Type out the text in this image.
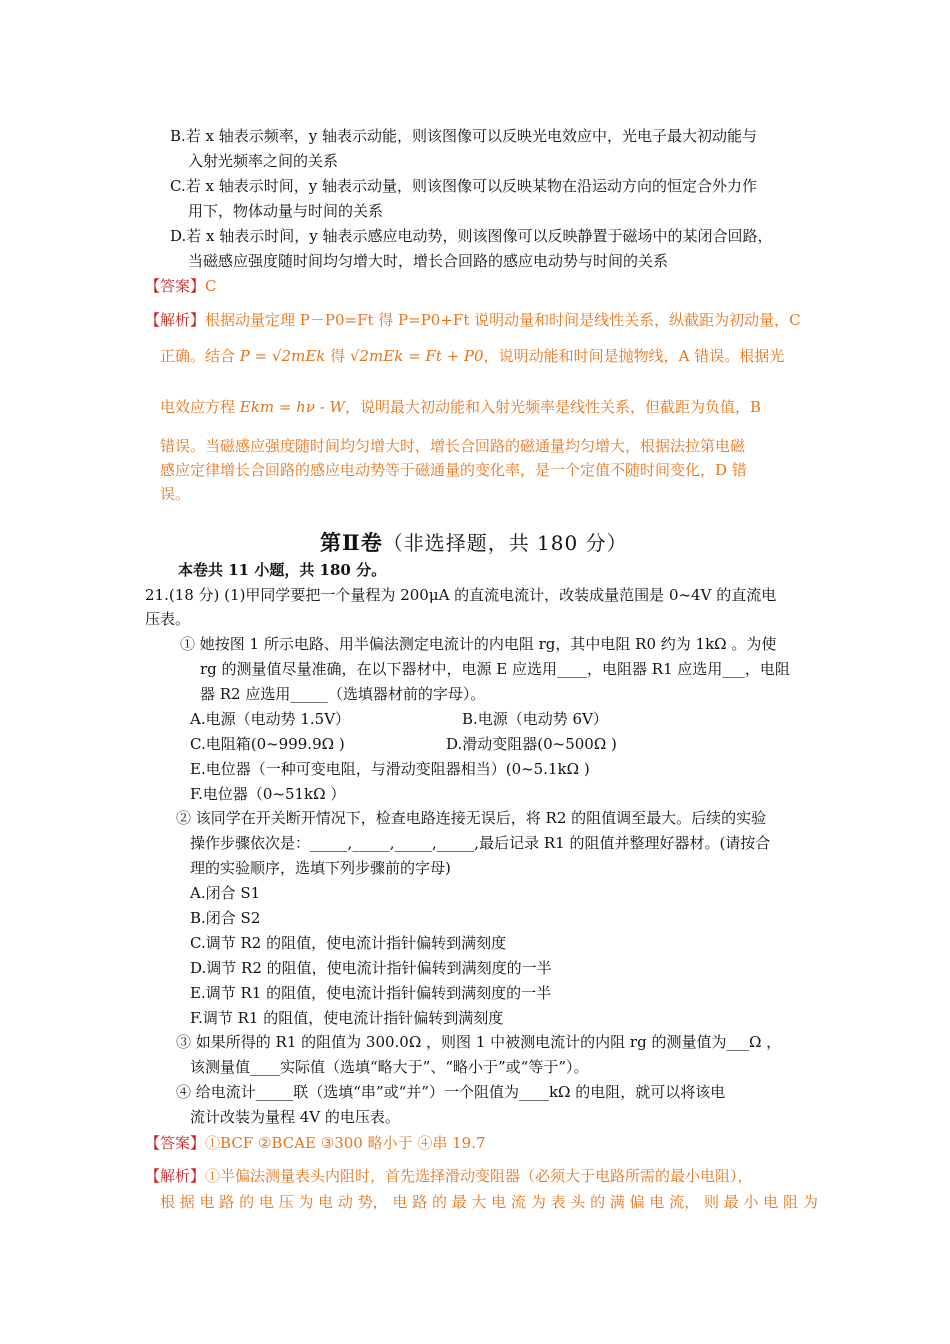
B.若 x 轴表示频率，y 轴表示动能，则该图像可以反映光电效应中，光电子最大初动能与
入射光频率之间的关系
C.若 x 轴表示时间，y 轴表示动量，则该图像可以反映某物在沿运动方向的恒定合外力作
用下，物体动量与时间的关系
D.若 x 轴表示时间，y 轴表示感应电动势，则该图像可以反映静置于磁场中的某闭合回路，
当磁感应强度随时间均匀增大时，增长合回路的感应电动势与时间的关系
【答案】C
【解析】根据动量定理 P－P0=Ft 得 P=P0+Ft 说明动量和时间是线性关系，纵截距为初动量，C
正确。结合 P = √2mEk 得 √2mEk = Ft + P0，说明动能和时间是抛物线，A 错误。根据光
电效应方程 Ekm = hν - W，说明最大初动能和入射光频率是线性关系，但截距为负值，B
错误。当磁感应强度随时间均匀增大时，增长合回路的磁通量均匀增大，根据法拉第电磁
感应定律增长合回路的感应电动势等于磁通量的变化率，是一个定值不随时间变化，D 错
误。
第Ⅱ卷（非选择题，共 180 分）
本卷共 11 小题，共 180 分。
21.(18 分) (1)甲同学要把一个量程为 200μA 的直流电流计，改装成量范围是 0~4V 的直流电
压表。
① 她按图 1 所示电路、用半偏法测定电流计的内电阻 rg，其中电阻 R0 约为 1kΩ 。为使
rg 的测量值尽量准确，在以下器材中，电源 E 应选用____，电阻器 R1 应选用___，电阻
器 R2 应选用_____（选填器材前的字母）。
A.电源（电动势 1.5V）	B.电源（电动势 6V）
C.电阻箱(0~999.9Ω )	D.滑动变阻器(0~500Ω )
E.电位器（一种可变电阻，与滑动变阻器相当）(0~5.1kΩ )
F.电位器（0~51kΩ ）
② 该同学在开关断开情况下，检查电路连接无误后，将 R2 的阻值调至最大。后续的实验
操作步骤依次是：_____,_____,_____,_____,最后记录 R1 的阻值并整理好器材。(请按合
理的实验顺序，选填下列步骤前的字母)
A.闭合 S1
B.闭合 S2
C.调节 R2 的阻值，使电流计指针偏转到满刻度
D.调节 R2 的阻值，使电流计指针偏转到满刻度的一半
E.调节 R1 的阻值，使电流计指针偏转到满刻度的一半
F.调节 R1 的阻值，使电流计指针偏转到满刻度
③ 如果所得的 R1 的阻值为 300.0Ω ，则图 1 中被测电流计的内阻 rg 的测量值为___Ω ，
该测量值____实际值（选填“略大于”、“略小于”或“等于”）。
④ 给电流计_____联（选填“串”或“并”）一个阻值为____kΩ 的电阻，就可以将该电
流计改装为量程 4V 的电压表。
【答案】①BCF ②BCAE ③300 略小于 ④串 19.7
【解析】①半偏法测量表头内阻时，首先选择滑动变阻器（必须大于电路所需的最小电阻），
根 据 电 路 的 电 压 为 电 动 势， 电 路 的 最 大 电 流 为 表 头 的 满 偏 电 流， 则 最 小 电 阻 为
